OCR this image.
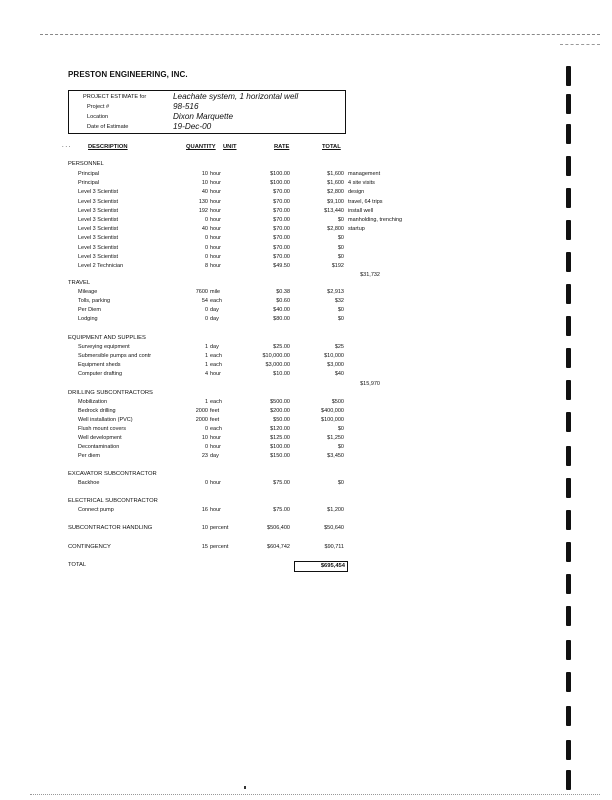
PRESTON ENGINEERING, INC.
PROJECT ESTIMATE for	Leachate system, 1 horizontal well
Project #	98-516
Location	Dixon Marquette
Date of Estimate	19-Dec-00
. . .	DESCRIPTION	QUANTITY UNIT	RATE	TOTAL
PERSONNEL
Principal	10 hour	$100.00	$1,600 management
Principal	10 hour	$100.00	$1,600 4 site visits
Level 3 Scientist	40 hour	$70.00	$2,800 design
Level 3 Scientist	130 hour	$70.00	$9,100 travel, 64 trips
Level 3 Scientist	192 hour	$70.00	$13,440 install well
Level 3 Scientist	0 hour	$70.00	$0 manholding, trenching
Level 3 Scientist	40 hour	$70.00	$2,800 startup
Level 3 Scientist	0 hour	$70.00	$0
Level 3 Scientist	0 hour	$70.00	$0
Level 3 Scientist	0 hour	$70.00	$0
Level 2 Technician	8 hour	$49.50	$192
$31,732
TRAVEL
Mileage	7600 mile	$0.38	$2,913
Tolls, parking	54 each	$0.60	$32
Per Diem	0 day	$40.00	$0
Lodging	0 day	$80.00	$0
EQUIPMENT AND SUPPLIES
Surveying equipment	1 day	$25.00	$25
Submersible pumps and contr	1 each	$10,000.00	$10,000
Equipment sheds	1 each	$3,000.00	$3,000
Computer drafting	4 hour	$10.00	$40
$15,970
DRILLING SUBCONTRACTORS
Mobilization	1 each	$500.00	$500
Bedrock drilling	2000 feet	$200.00	$400,000
Well installation (PVC)	2000 feet	$50.00	$100,000
Flush mount covers	0 each	$120.00	$0
Well development	10 hour	$125.00	$1,250
Decontamination	0 hour	$100.00	$0
Per diem	23 day	$150.00	$3,450
EXCAVATOR SUBCONTRACTOR
Backhoe	0 hour	$75.00	$0
ELECTRICAL SUBCONTRACTOR
Connect pump	16 hour	$75.00	$1,200
SUBCONTRACTOR HANDLING	10 percent	$506,400	$50,640
CONTINGENCY	15 percent	$604,742	$90,711
TOTAL	$695,454
